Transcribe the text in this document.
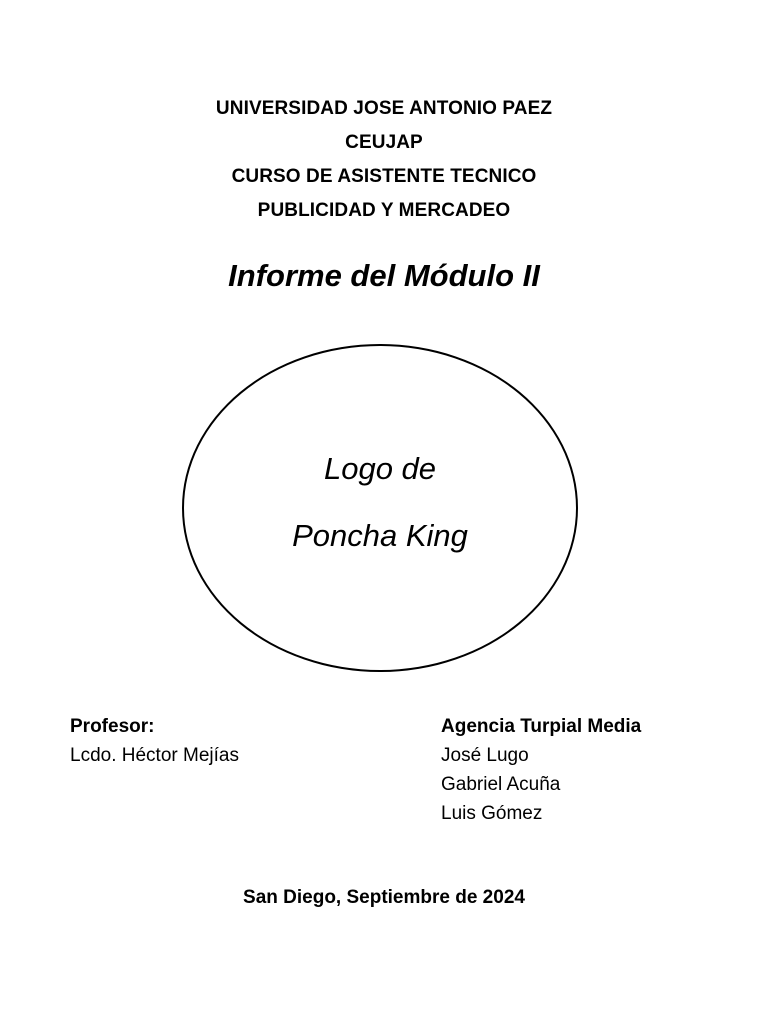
UNIVERSIDAD JOSE ANTONIO PAEZ
CEUJAP
CURSO DE ASISTENTE TECNICO
PUBLICIDAD Y MERCADEO
Informe del Módulo II
Logo de
Poncha King
Profesor:
Lcdo. Héctor Mejías
Agencia Turpial Media
José Lugo
Gabriel Acuña
Luis Gómez
San Diego, Septiembre de 2024
